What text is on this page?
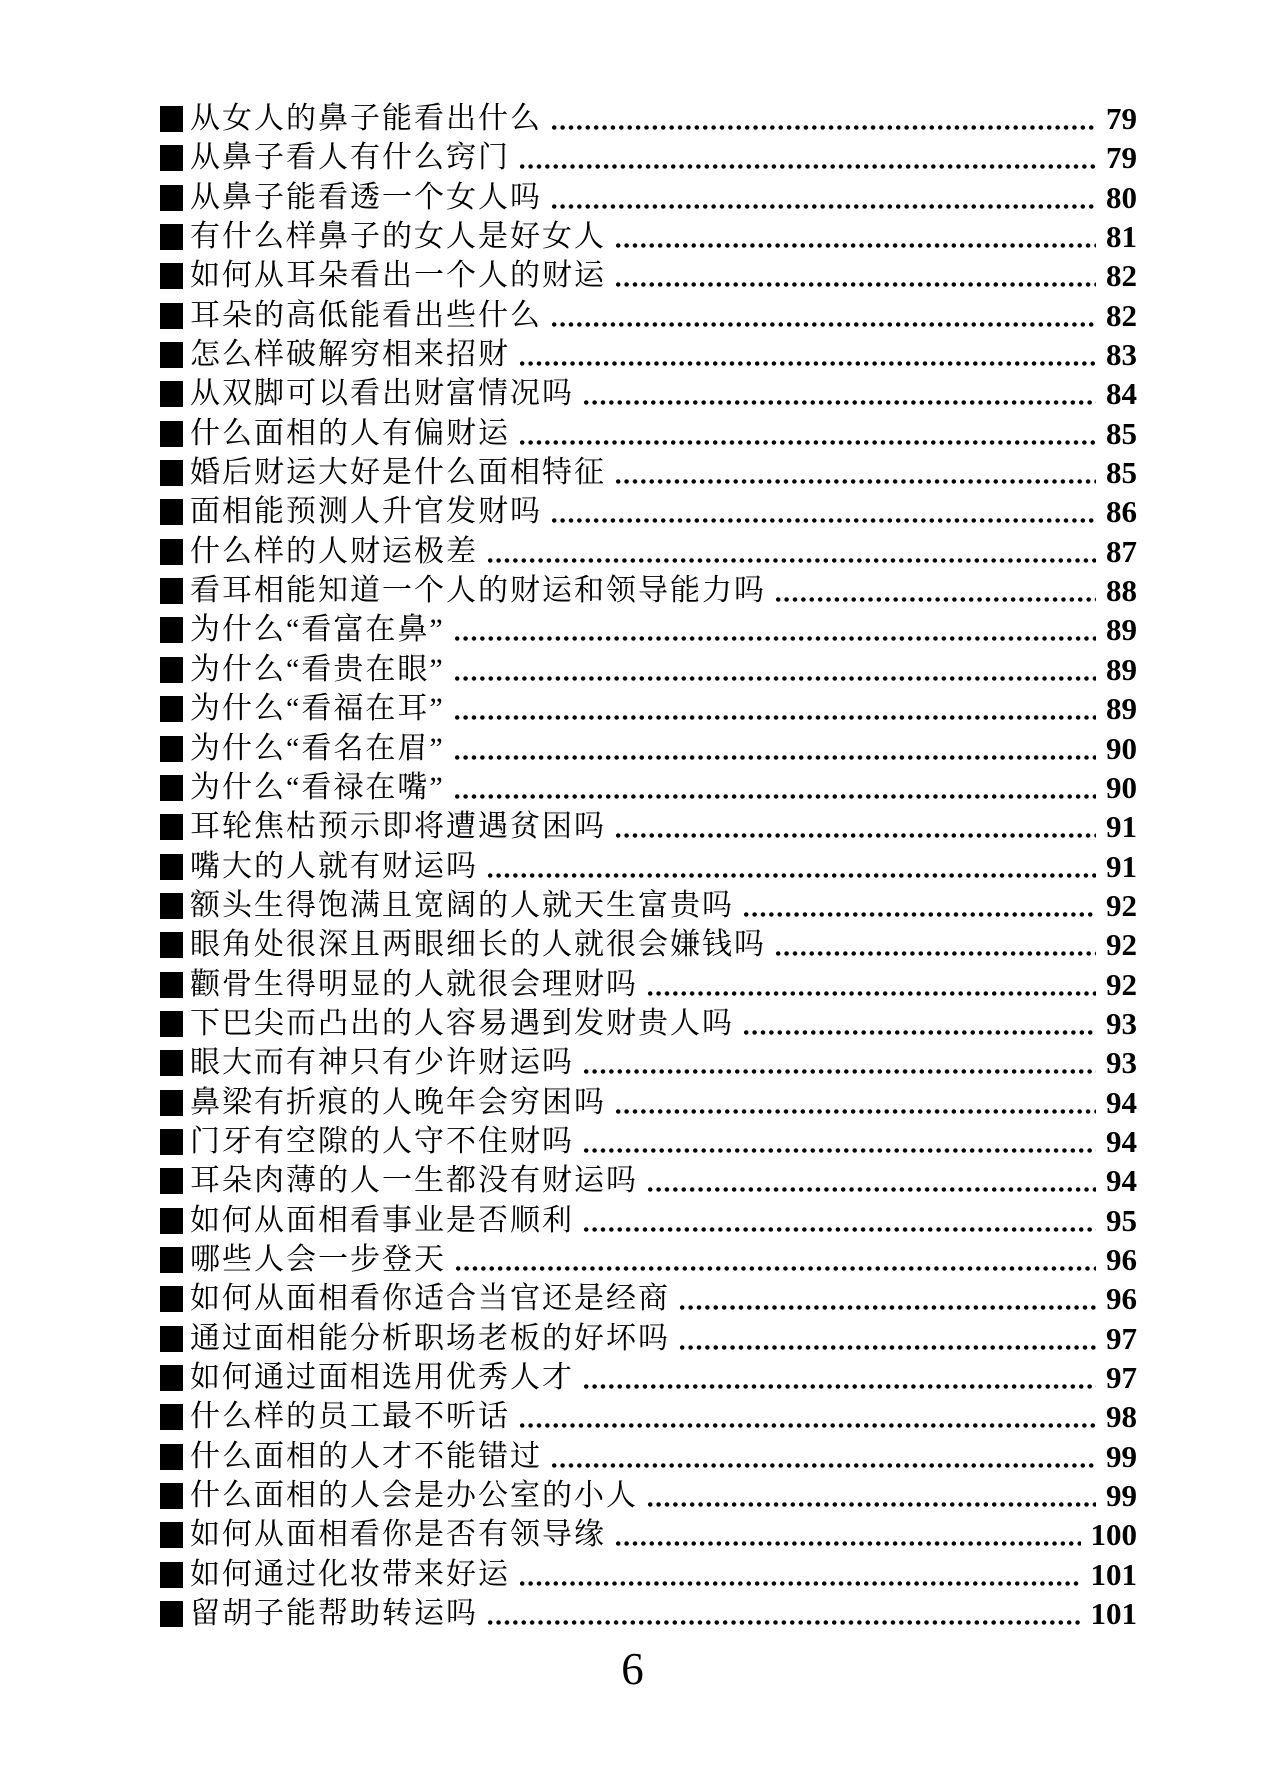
从女人的鼻子能看出什么	79
从鼻子看人有什么窍门	79
从鼻子能看透一个女人吗	80
有什么样鼻子的女人是好女人	81
如何从耳朵看出一个人的财运	82
耳朵的高低能看出些什么	82
怎么样破解穷相来招财	83
从双脚可以看出财富情况吗	84
什么面相的人有偏财运	85
婚后财运大好是什么面相特征	85
面相能预测人升官发财吗	86
什么样的人财运极差	87
看耳相能知道一个人的财运和领导能力吗	88
为什么“看富在鼻”	89
为什么“看贵在眼”	89
为什么“看福在耳”	89
为什么“看名在眉”	90
为什么“看禄在嘴”	90
耳轮焦枯预示即将遭遇贫困吗	91
嘴大的人就有财运吗	91
额头生得饱满且宽阔的人就天生富贵吗	92
眼角处很深且两眼细长的人就很会嫌钱吗	92
颧骨生得明显的人就很会理财吗	92
下巴尖而凸出的人容易遇到发财贵人吗	93
眼大而有神只有少许财运吗	93
鼻梁有折痕的人晚年会穷困吗	94
门牙有空隙的人守不住财吗	94
耳朵肉薄的人一生都没有财运吗	94
如何从面相看事业是否顺利	95
哪些人会一步登天	96
如何从面相看你适合当官还是经商	96
通过面相能分析职场老板的好坏吗	97
如何通过面相选用优秀人才	97
什么样的员工最不听话	98
什么面相的人才不能错过	99
什么面相的人会是办公室的小人	99
如何从面相看你是否有领导缘	100
如何通过化妆带来好运	101
留胡子能帮助转运吗	101
6
